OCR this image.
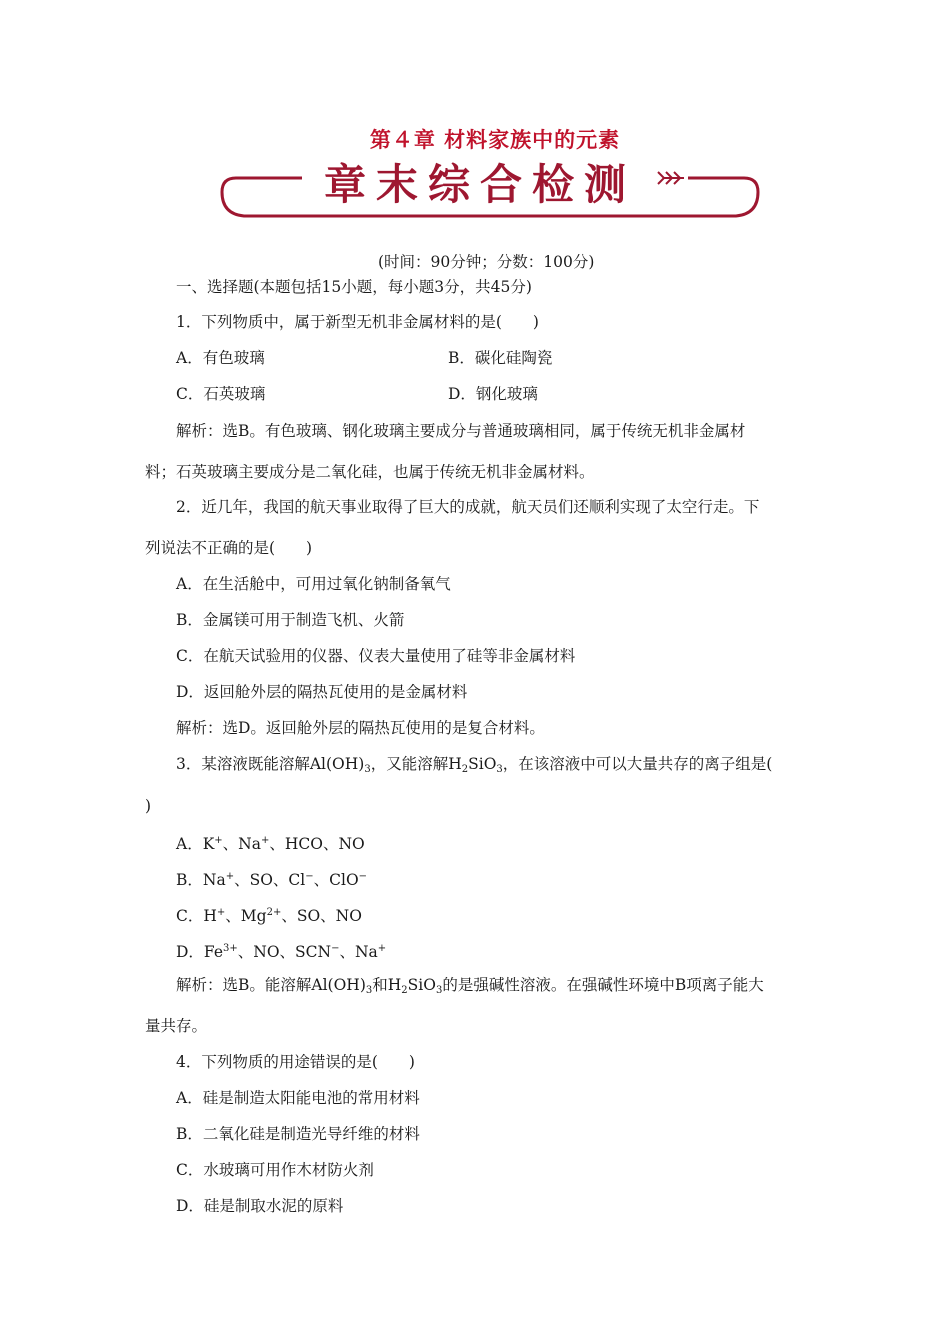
第４章 材料家族中的元素
章末综合检测
(时间：90分钟；分数：100分)
一、选择题(本题包括15小题，每小题3分，共45分)
1．下列物质中，属于新型无机非金属材料的是(　　)
A．有色玻璃	B．碳化硅陶瓷
C．石英玻璃	D．钢化玻璃
解析：选B。有色玻璃、钢化玻璃主要成分与普通玻璃相同，属于传统无机非金属材
料；石英玻璃主要成分是二氧化硅，也属于传统无机非金属材料。
2．近几年，我国的航天事业取得了巨大的成就，航天员们还顺利实现了太空行走。下
列说法不正确的是(　　)
A．在生活舱中，可用过氧化钠制备氧气
B．金属镁可用于制造飞机、火箭
C．在航天试验用的仪器、仪表大量使用了硅等非金属材料
D．返回舱外层的隔热瓦使用的是金属材料
解析：选D。返回舱外层的隔热瓦使用的是复合材料。
3．某溶液既能溶解$Al(OH)_3$，又能溶解$H_2SiO_3$，在该溶液中可以大量共存的离子组是(
)
A．K+、Na+、HCO、NO
B．Na+、SO、Cl−、ClO−
C．H+、$Mg^{2+}$、SO、NO
D．$Fe^{3+}$、NO、SCN−、Na+
解析：选B。能溶解$Al(OH)_3$和$H_2SiO_3$的是强碱性溶液。在强碱性环境中B项离子能大
量共存。
4．下列物质的用途错误的是(　　)
A．硅是制造太阳能电池的常用材料
B．二氧化硅是制造光导纤维的材料
C．水玻璃可用作木材防火剂
D．硅是制取水泥的原料
